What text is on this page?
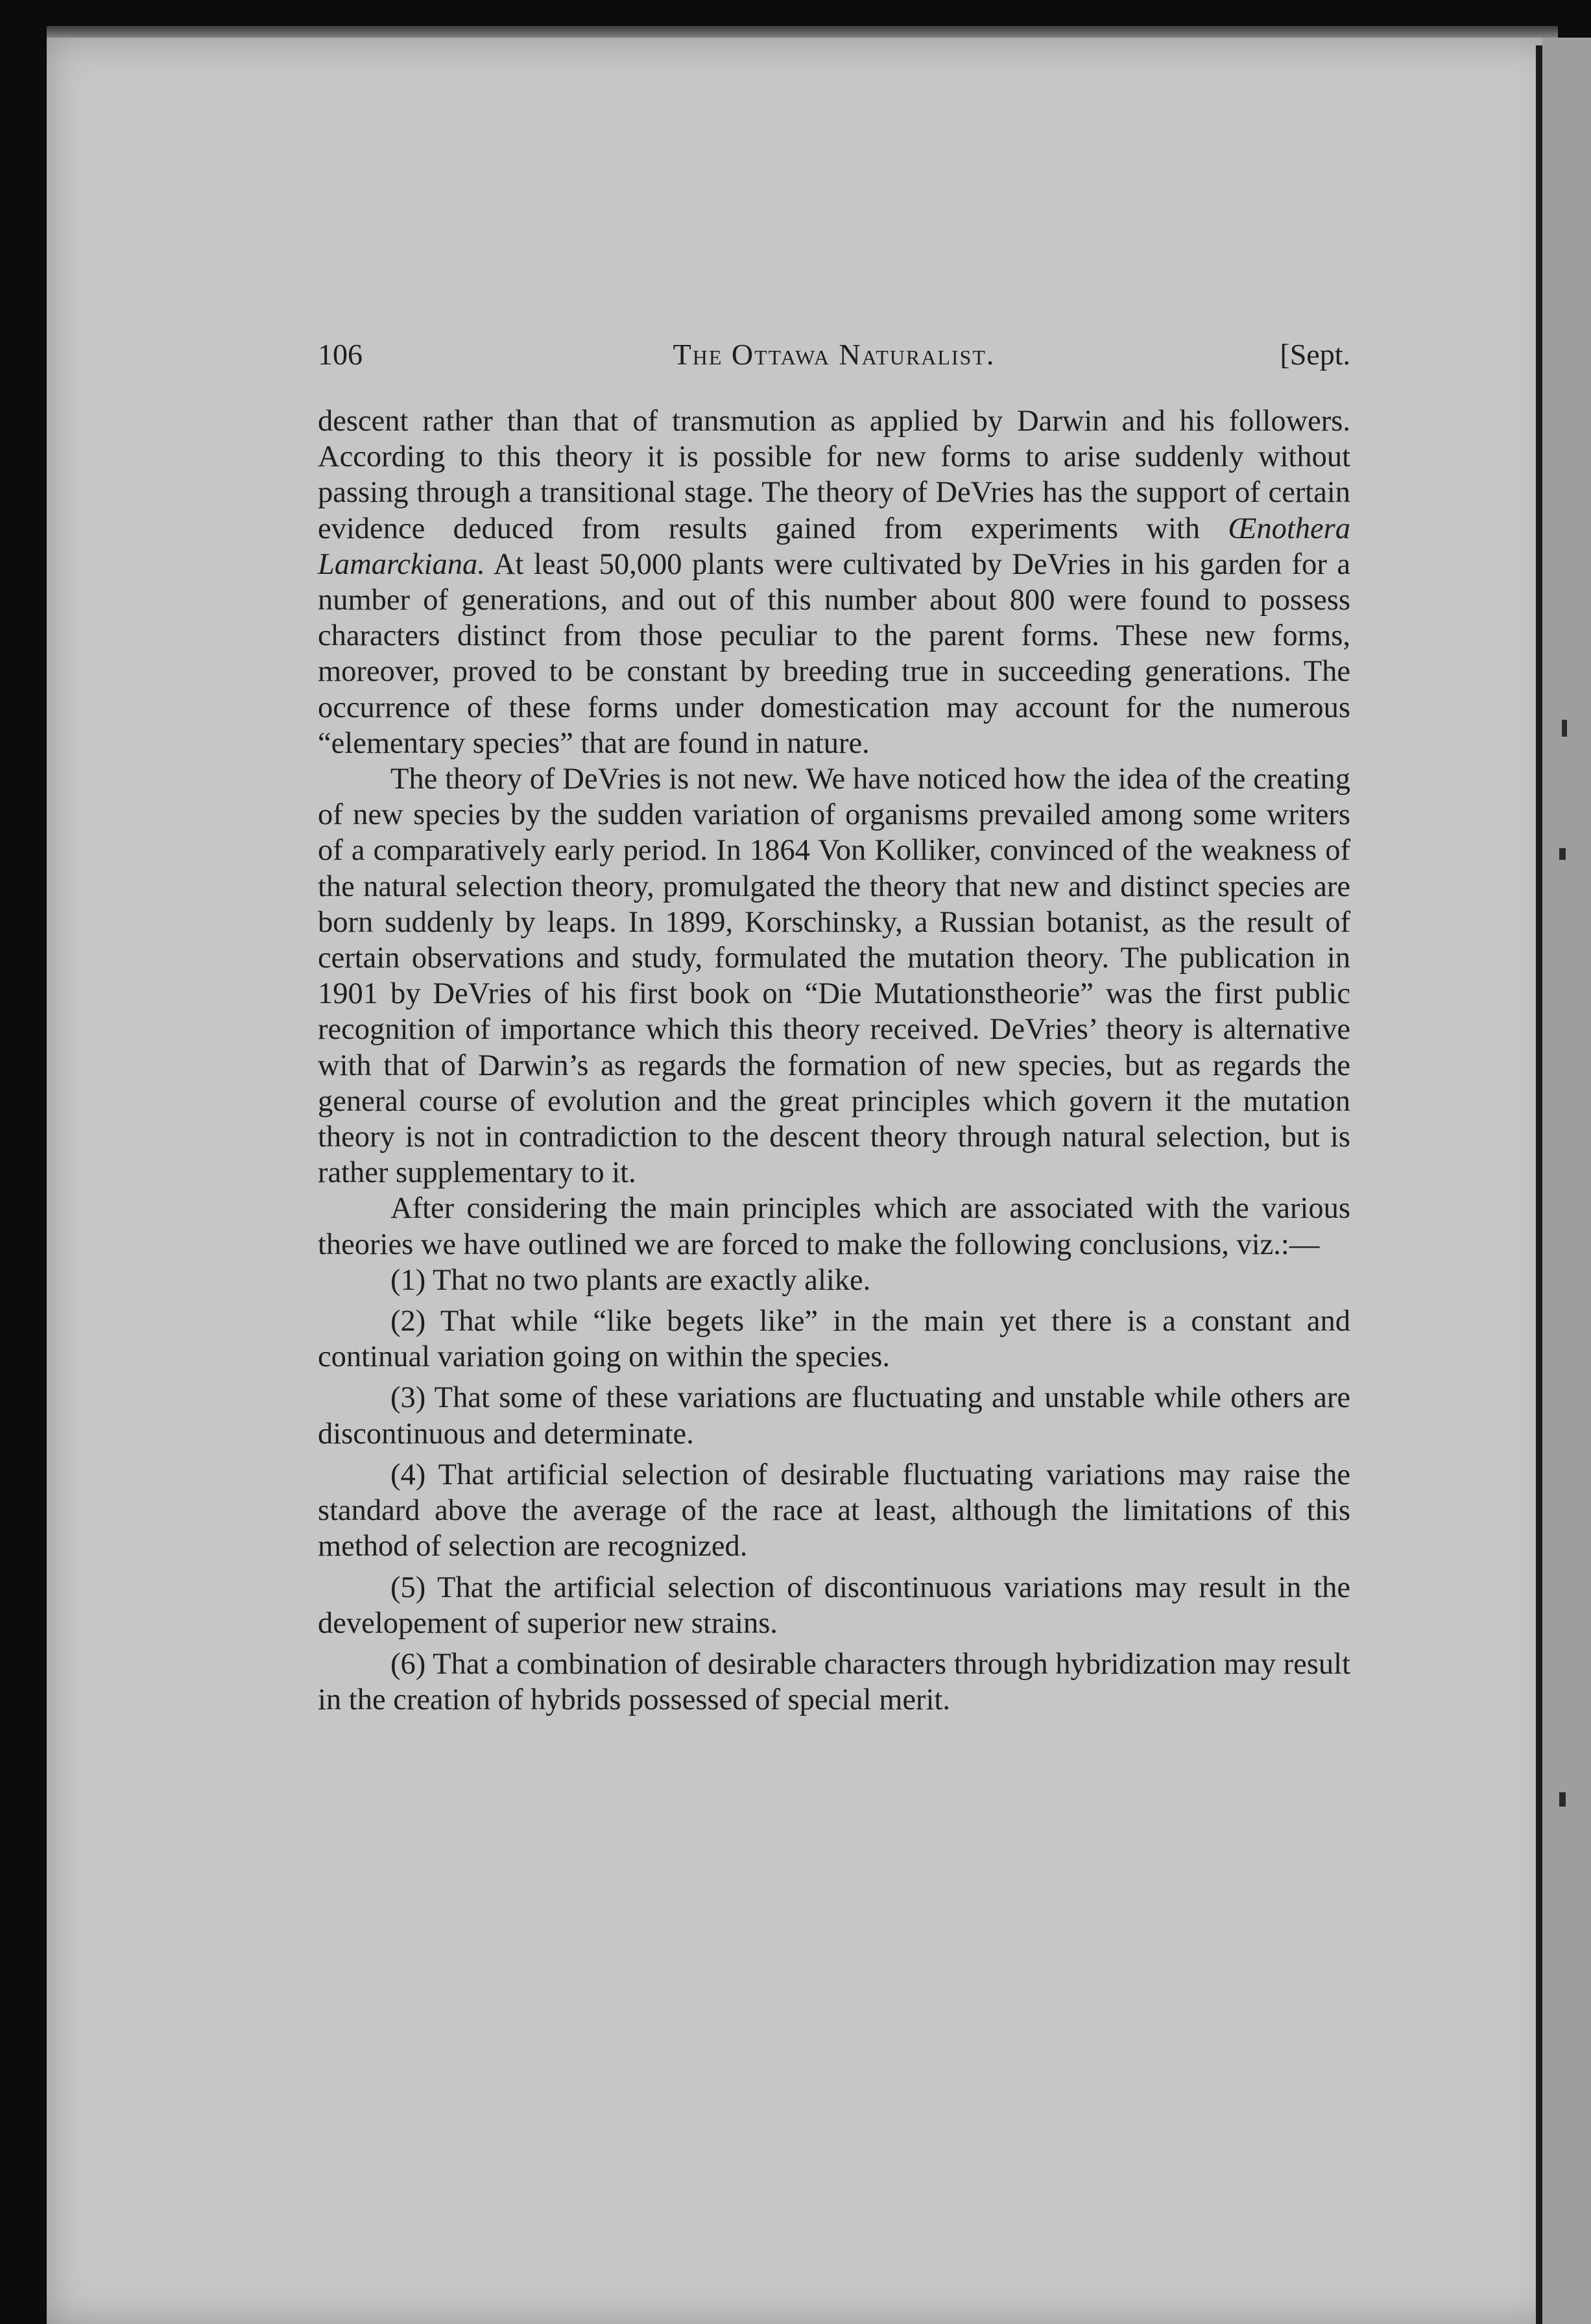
106	The Ottawa Naturalist.	[Sept.

descent rather than that of transmution as applied by Darwin and his followers. According to this theory it is possible for new forms to arise suddenly without passing through a transitional stage. The theory of DeVries has the support of certain evidence deduced from results gained from experiments with Œnothera Lamarckiana. At least 50,000 plants were cultivated by DeVries in his garden for a number of generations, and out of this number about 800 were found to possess characters distinct from those peculiar to the parent forms. These new forms, moreover, proved to be constant by breeding true in succeeding generations. The occurrence of these forms under domestication may account for the numerous “elementary species” that are found in nature.

The theory of DeVries is not new. We have noticed how the idea of the creating of new species by the sudden variation of organisms prevailed among some writers of a comparatively early period. In 1864 Von Kolliker, convinced of the weakness of the natural selection theory, promulgated the theory that new and distinct species are born suddenly by leaps. In 1899, Korschinsky, a Russian botanist, as the result of certain observations and study, formulated the mutation theory. The publication in 1901 by DeVries of his first book on “Die Mutationstheorie” was the first public recognition of importance which this theory received. DeVries’ theory is alternative with that of Darwin’s as regards the formation of new species, but as regards the general course of evolution and the great principles which govern it the mutation theory is not in contradiction to the descent theory through natural selection, but is rather supplementary to it.

After considering the main principles which are associated with the various theories we have outlined we are forced to make the following conclusions, viz.:—

(1) That no two plants are exactly alike.

(2) That while “like begets like” in the main yet there is a constant and continual variation going on within the species.

(3) That some of these variations are fluctuating and unstable while others are discontinuous and determinate.

(4) That artificial selection of desirable fluctuating variations may raise the standard above the average of the race at least, although the limitations of this method of selection are recognized.

(5) That the artificial selection of discontinuous variations may result in the developement of superior new strains.

(6) That a combination of desirable characters through hybridization may result in the creation of hybrids possessed of special merit.
